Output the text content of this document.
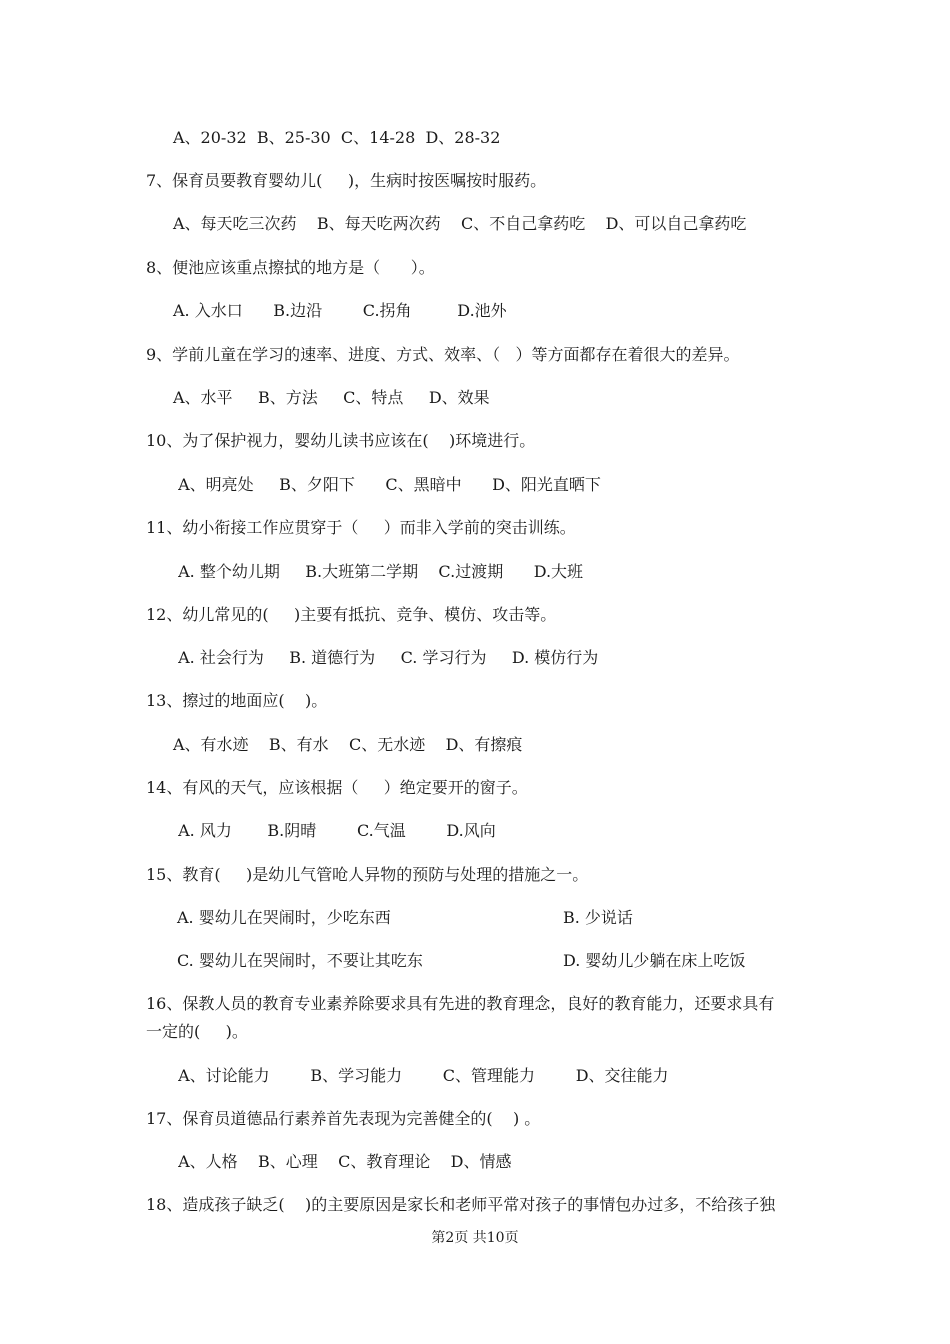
A、20-32  B、25-30  C、14-28  D、28-32
7、保育员要教育婴幼儿(     )，生病时按医嘱按时服药。
A、每天吃三次药    B、每天吃两次药    C、不自己拿药吃    D、可以自己拿药吃
8、便池应该重点擦拭的地方是（      ）。
A. 入水口      B.边沿        C.拐角         D.池外
9、学前儿童在学习的速率、进度、方式、效率、（   ）等方面都存在着很大的差异。
A、水平     B、方法     C、特点     D、效果
10、为了保护视力，婴幼儿读书应该在(    )环境进行。
A、明亮处     B、夕阳下      C、黑暗中      D、阳光直晒下
11、幼小衔接工作应贯穿于（     ）而非入学前的突击训练。
A. 整个幼儿期     B.大班第二学期    C.过渡期      D.大班
12、幼儿常见的(     )主要有抵抗、竞争、模仿、攻击等。
A. 社会行为     B. 道德行为     C. 学习行为     D. 模仿行为
13、擦过的地面应(    )。
A、有水迹    B、有水    C、无水迹    D、有擦痕
14、有风的天气，应该根据（     ）绝定要开的窗子。
A. 风力       B.阴晴        C.气温        D.风向
15、教育(     )是幼儿气管呛人异物的预防与处理的措施之一。
A. 婴幼儿在哭闹时，少吃东西	B. 少说话
C. 婴幼儿在哭闹时，不要让其吃东	D. 婴幼儿少躺在床上吃饭
16、保教人员的教育专业素养除要求具有先进的教育理念，良好的教育能力，还要求具有
一定的(     )。
A、讨论能力        B、学习能力        C、管理能力        D、交往能力
17、保育员道德品行素养首先表现为完善健全的(    ) 。
A、人格    B、心理    C、教育理论    D、情感
18、造成孩子缺乏(    )的主要原因是家长和老师平常对孩子的事情包办过多，不给孩子独
第2页 共10页
